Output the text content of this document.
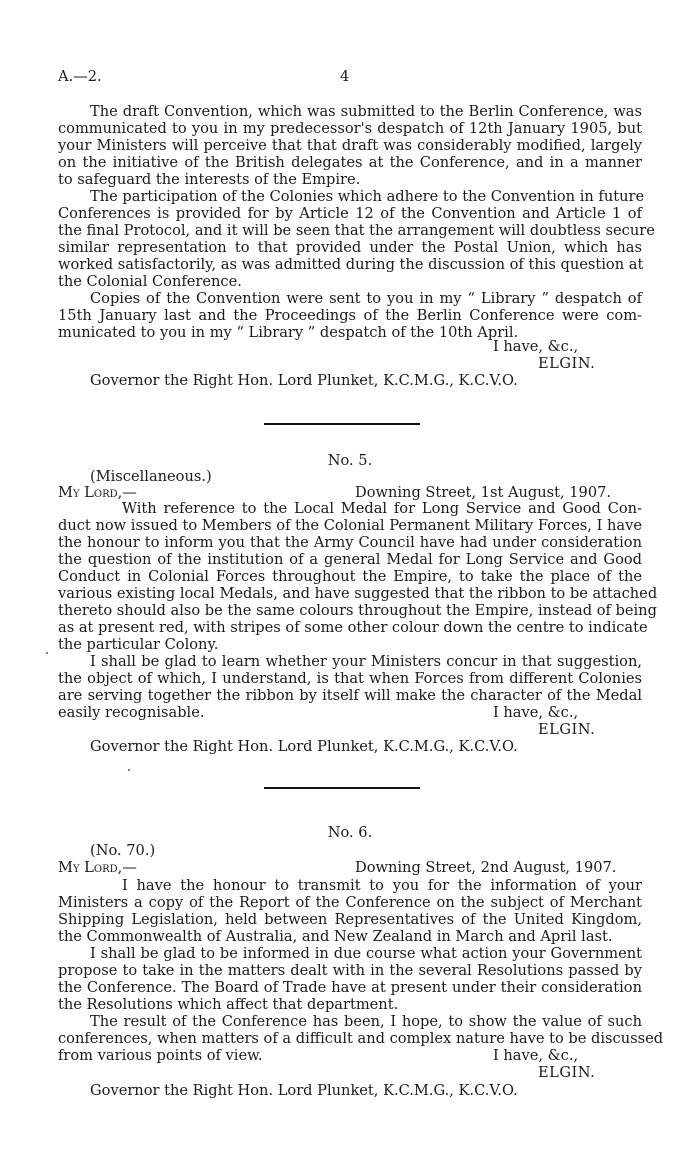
A.—2.	4
The draft Convention, which was submitted to the Berlin Conference, was
communicated to you in my predecessor's despatch of 12th January 1905, but
your Ministers will perceive that that draft was considerably modified, largely
on the initiative of the British delegates at the Conference, and in a manner
to safeguard the interests of the Empire.
The participation of the Colonies which adhere to the Convention in future
Conferences is provided for by Article 12 of the Convention and Article 1 of
the final Protocol, and it will be seen that the arrangement will doubtless secure
similar representation to that provided under the Postal Union, which has
worked satisfactorily, as was admitted during the discussion of this question at
the Colonial Conference.
Copies of the Convention were sent to you in my “ Library ” despatch of
15th January last and the Proceedings of the Berlin Conference were com-
municated to you in my “ Library ” despatch of the 10th April.
I have, &c.,
ELGIN.
Governor the Right Hon. Lord Plunket, K.C.M.G., K.C.V.O.
No. 5.
(Miscellaneous.)
My Lord,—	Downing Street, 1st August, 1907.
With reference to the Local Medal for Long Service and Good Con-
duct now issued to Members of the Colonial Permanent Military Forces, I have
the honour to inform you that the Army Council have had under consideration
the question of the institution of a general Medal for Long Service and Good
Conduct in Colonial Forces throughout the Empire, to take the place of the
various existing local Medals, and have suggested that the ribbon to be attached
thereto should also be the same colours throughout the Empire, instead of being
as at present red, with stripes of some other colour down the centre to indicate
the particular Colony.
I shall be glad to learn whether your Ministers concur in that suggestion,
the object of which, I understand, is that when Forces from different Colonies
are serving together the ribbon by itself will make the character of the Medal
easily recognisable.	I have, &c.,
ELGIN.
Governor the Right Hon. Lord Plunket, K.C.M.G., K.C.V.O.
No. 6.
(No. 70.)
My Lord,—	Downing Street, 2nd August, 1907.
I have the honour to transmit to you for the information of your
Ministers a copy of the Report of the Conference on the subject of Merchant
Shipping Legislation, held between Representatives of the United Kingdom,
the Commonwealth of Australia, and New Zealand in March and April last.
I shall be glad to be informed in due course what action your Government
propose to take in the matters dealt with in the several Resolutions passed by
the Conference. The Board of Trade have at present under their consideration
the Resolutions which affect that department.
The result of the Conference has been, I hope, to show the value of such
conferences, when matters of a difficult and complex nature have to be discussed
from various points of view.	I have, &c.,
ELGIN.
Governor the Right Hon. Lord Plunket, K.C.M.G., K.C.V.O.
